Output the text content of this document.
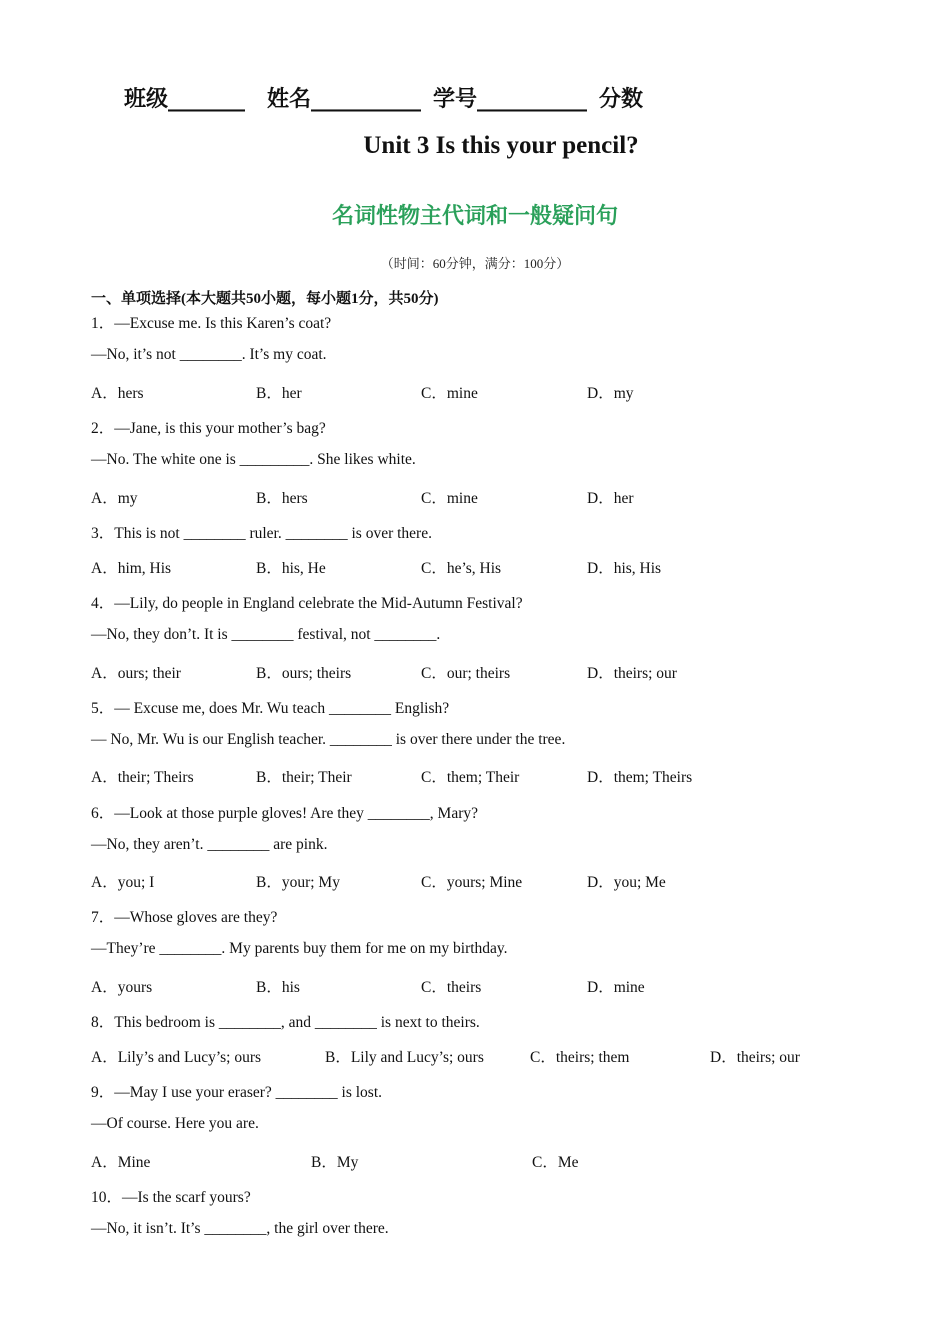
班级_______ 姓名__________ 学号__________ 分数
Unit 3 Is this your pencil?
名词性物主代词和一般疑问句
（时间：60分钟，满分：100分）
一、单项选择(本大题共50小题，每小题1分，共50分)
1．—Excuse me. Is this Karen’s coat?
—No, it’s not ________. It’s my coat.
A．hers	B．her	C．mine	D．my
2．—Jane, is this your mother’s bag?
—No. The white one is _________. She likes white.
A．my	B．hers	C．mine	D．her
3．This is not ________ ruler. ________ is over there.
A．him, His	B．his, He	C．he’s, His	D．his, His
4．—Lily, do people in England celebrate the Mid-Autumn Festival?
—No, they don’t. It is ________ festival, not ________.
A．ours; their	B．ours; theirs	C．our; theirs	D．theirs; our
5．— Excuse me, does Mr. Wu teach ________ English?
— No, Mr. Wu is our English teacher. ________ is over there under the tree.
A．their; Theirs	B．their; Their	C．them; Their	D．them; Theirs
6．—Look at those purple gloves! Are they ________, Mary?
—No, they aren’t. ________ are pink.
A．you; I	B．your; My	C．yours; Mine	D．you; Me
7．—Whose gloves are they?
—They’re ________. My parents buy them for me on my birthday.
A．yours	B．his	C．theirs	D．mine
8．This bedroom is ________, and ________ is next to theirs.
A．Lily’s and Lucy’s; ours	B．Lily and Lucy’s; ours	C．theirs; them	D．theirs; our
9．—May I use your eraser? ________ is lost.
—Of course. Here you are.
A．Mine	B．My	C．Me
10．—Is the scarf yours?
—No, it isn’t. It’s ________, the girl over there.
